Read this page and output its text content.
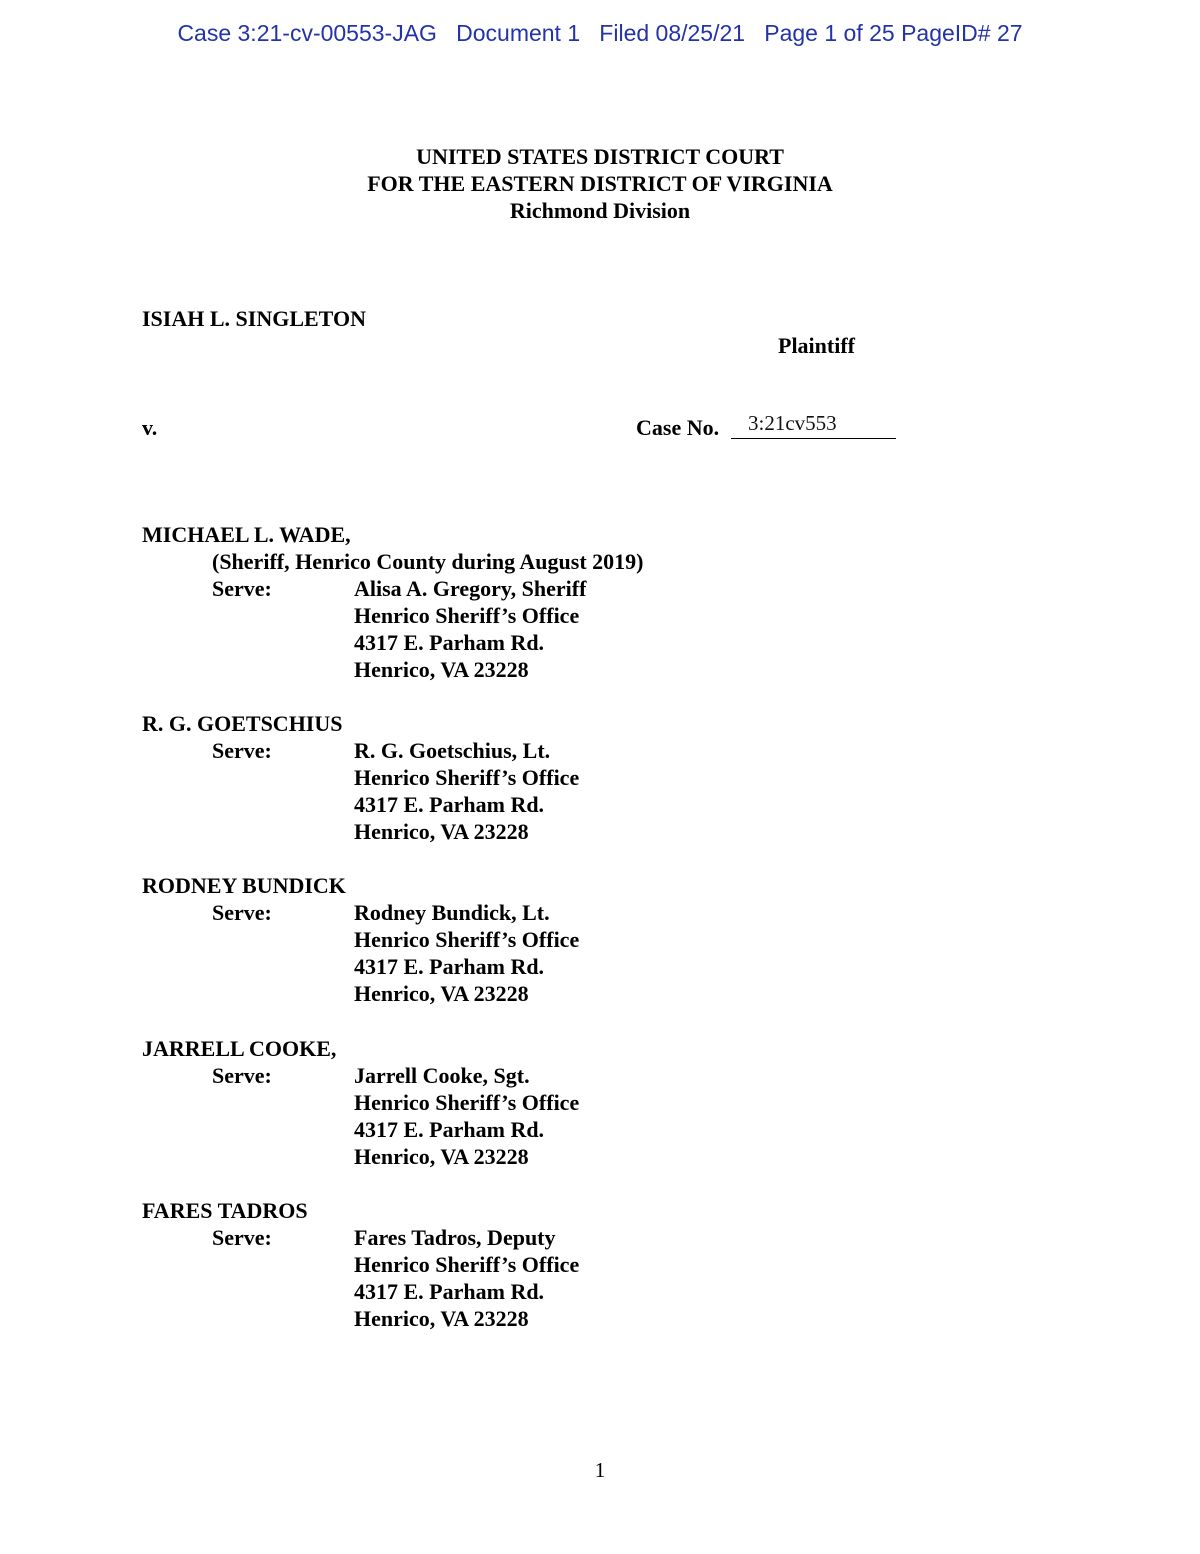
Case 3:21-cv-00553-JAG   Document 1   Filed 08/25/21   Page 1 of 25 PageID# 27
UNITED STATES DISTRICT COURT
FOR THE EASTERN DISTRICT OF VIRGINIA
Richmond Division
ISIAH L. SINGLETON
Plaintiff
v.	Case No. 3:21cv553
MICHAEL L. WADE,
(Sheriff, Henrico County during August 2019)
Serve:	Alisa A. Gregory, Sheriff
Henrico Sheriff’s Office
4317 E. Parham Rd.
Henrico, VA 23228
R. G. GOETSCHIUS
Serve:	R. G. Goetschius, Lt.
Henrico Sheriff’s Office
4317 E. Parham Rd.
Henrico, VA 23228
RODNEY BUNDICK
Serve:	Rodney Bundick, Lt.
Henrico Sheriff’s Office
4317 E. Parham Rd.
Henrico, VA 23228
JARRELL COOKE,
Serve:	Jarrell Cooke, Sgt.
Henrico Sheriff’s Office
4317 E. Parham Rd.
Henrico, VA 23228
FARES TADROS
Serve:	Fares Tadros, Deputy
Henrico Sheriff’s Office
4317 E. Parham Rd.
Henrico, VA 23228
1
